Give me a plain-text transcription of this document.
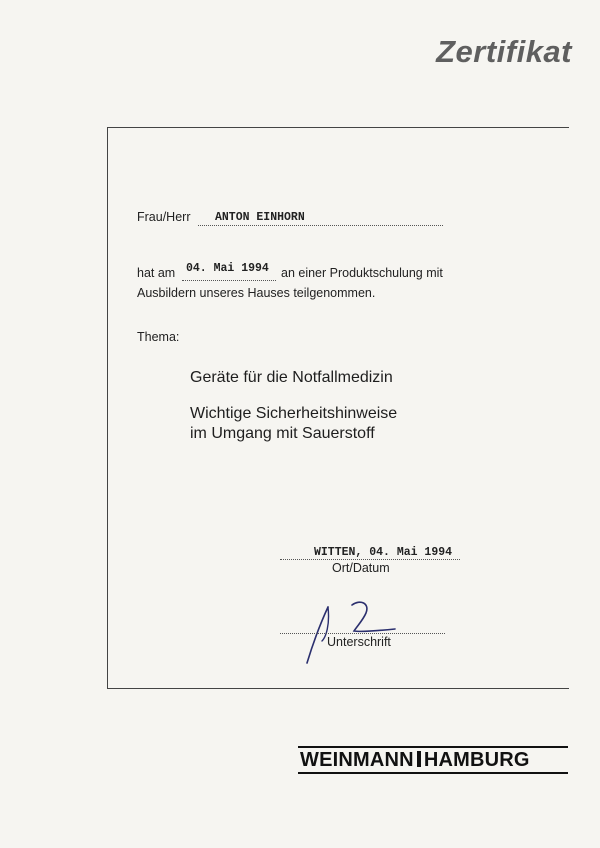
Zertifikat
Frau/Herr ANTON EINHORN
hat am 04. Mai 1994 an einer Produktschulung mit
Ausbildern unseres Hauses teilgenommen.
Thema:
Geräte für die Notfallmedizin
Wichtige Sicherheitshinweise
im Umgang mit Sauerstoff
WITTEN, 04. Mai 1994
Ort/Datum
Unterschrift
WEINMANN HAMBURG
